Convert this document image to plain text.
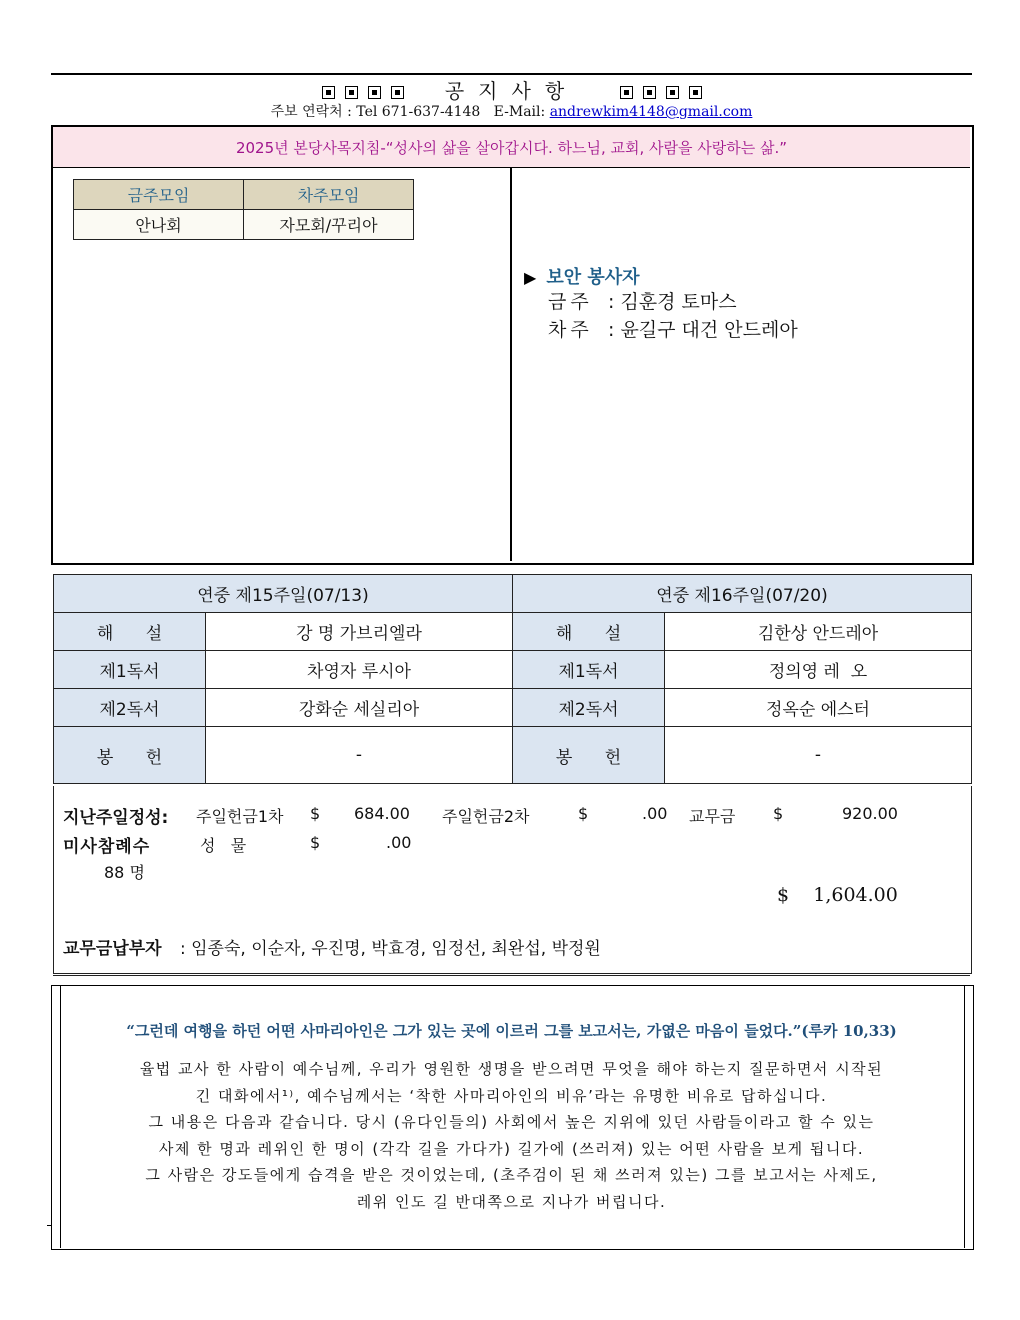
공지사항
주보 연락처 : Tel 671-637-4148   E-Mail: andrewkim4148@gmail.com
2025년 본당사목지침-“성사의 삶을 살아갑시다. 하느님, 교회, 사람을 사랑하는 삶.”
금주모임	차주모임
안나회	자모회/꾸리아
▶ 보안 봉사자
금주 : 김훈경 토마스
차주 : 윤길구 대건 안드레아
연중 제15주일(07/13)		연중 제16주일(07/20)	
해      설	강 명 가브리엘라	해      설	김한상 안드레아
제1독서	차영자 루시아	제1독서	정의영 레  오
제2독서	강화순 세실리아	제2독서	정옥순 에스터
봉      헌	-	봉      헌	-
지난주일정성: 주일헌금1차 $ 684.00 주일헌금2차	$	.00 교무금 $	920.00
미사참례수	성   물	$	.00
88 명
$    1,604.00
교무금납부자 : 임종숙, 이순자, 우진명, 박효경, 임정선, 최완섭, 박정원
“그런데 여행을 하던 어떤 사마리아인은 그가 있는 곳에 이르러 그를 보고서는, 가엾은 마음이 들었다.”(루카 10,33)
율법 교사 한 사람이 예수님께, 우리가 영원한 생명을 받으려면 무엇을 해야 하는지 질문하면서 시작된
긴 대화에서¹⁾, 예수님께서는 ‘착한 사마리아인의 비유’라는 유명한 비유로 답하십니다.
그 내용은 다음과 같습니다. 당시 (유다인들의) 사회에서 높은 지위에 있던 사람들이라고 할 수 있는
사제 한 명과 레위인 한 명이 (각각 길을 가다가) 길가에 (쓰러져) 있는 어떤 사람을 보게 됩니다.
그 사람은 강도들에게 습격을 받은 것이었는데, (초주검이 된 채 쓰러져 있는) 그를 보고서는 사제도,
레위 인도 길 반대쪽으로 지나가 버립니다.
